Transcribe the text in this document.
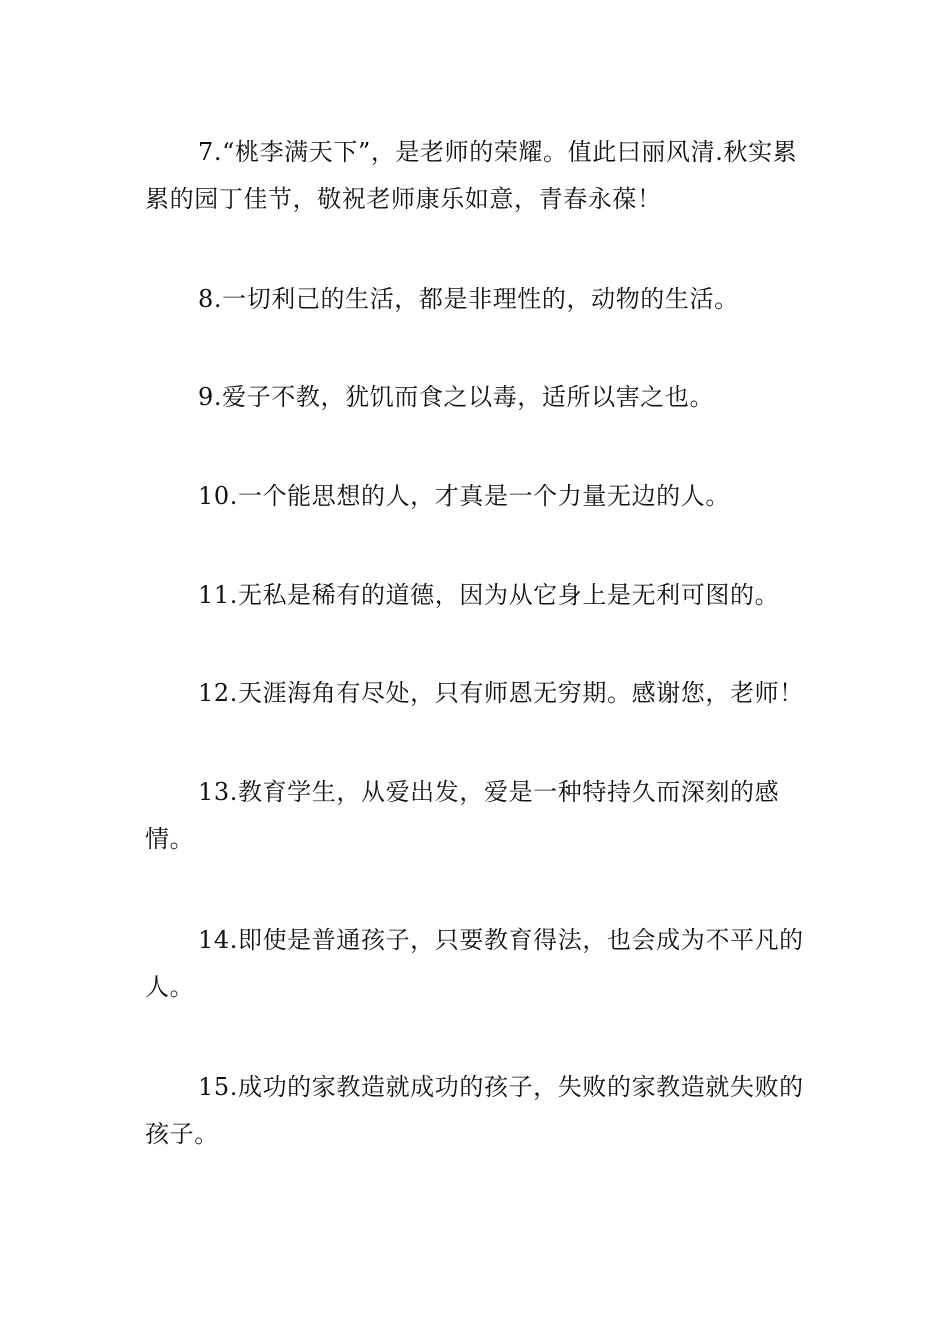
7.“桃李满天下”，是老师的荣耀。值此曰丽风清.秋实累累的园丁佳节，敬祝老师康乐如意，青春永葆！

8.一切利己的生活，都是非理性的，动物的生活。

9.爱子不教，犹饥而食之以毒，适所以害之也。

10.一个能思想的人，才真是一个力量无边的人。

11.无私是稀有的道德，因为从它身上是无利可图的。

12.天涯海角有尽处，只有师恩无穷期。感谢您，老师！

13.教育学生，从爱出发，爱是一种特持久而深刻的感情。

14.即使是普通孩子，只要教育得法，也会成为不平凡的人。

15.成功的家教造就成功的孩子，失败的家教造就失败的孩子。
